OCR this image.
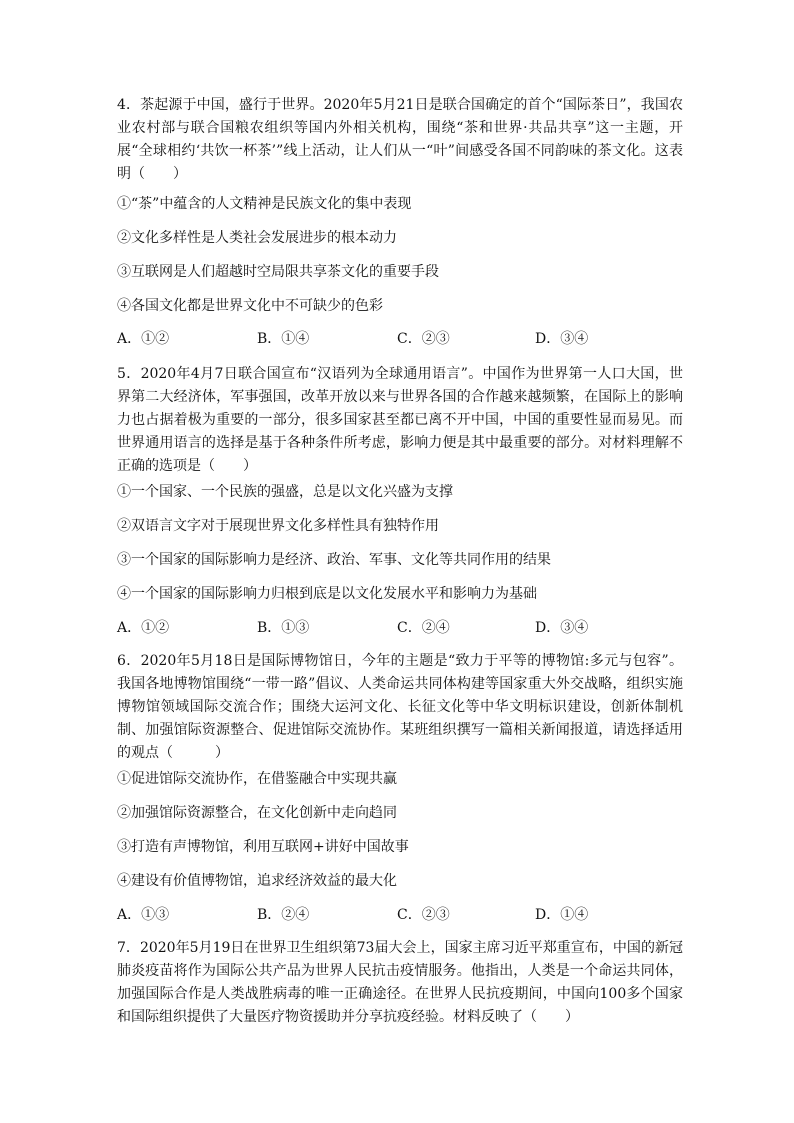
4．茶起源于中国，盛行于世界。2020年5月21日是联合国确定的首个“国际茶日”，我国农业农村部与联合国粮农组织等国内外相关机构，围绕“茶和世界·共品共享”这一主题，开展“全球相约‘共饮一杯茶’”线上活动，让人们从一“叶”间感受各国不同韵味的茶文化。这表明（　　）

①“茶”中蕴含的人文精神是民族文化的集中表现
②文化多样性是人类社会发展进步的根本动力
③互联网是人们超越时空局限共享茶文化的重要手段
④各国文化都是世界文化中不可缺少的色彩
A．①②	B．①④	C．②③	D．③④

5．2020年4月7日联合国宣布“汉语列为全球通用语言”。中国作为世界第一人口大国，世界第二大经济体，军事强国，改革开放以来与世界各国的合作越来越频繁，在国际上的影响力也占据着极为重要的一部分，很多国家甚至都已离不开中国，中国的重要性显而易见。而世界通用语言的选择是基于各种条件所考虑，影响力便是其中最重要的部分。对材料理解不正确的选项是（　　）

①一个国家、一个民族的强盛，总是以文化兴盛为支撑
②双语言文字对于展现世界文化多样性具有独特作用
③一个国家的国际影响力是经济、政治、军事、文化等共同作用的结果
④一个国家的国际影响力归根到底是以文化发展水平和影响力为基础
A．①②	B．①③	C．②④	D．③④

6．2020年5月18日是国际博物馆日，今年的主题是“致力于平等的博物馆:多元与包容”。我国各地博物馆围绕“一带一路”倡议、人类命运共同体构建等国家重大外交战略，组织实施博物馆领域国际交流合作；围绕大运河文化、长征文化等中华文明标识建设，创新体制机制、加强馆际资源整合、促进馆际交流协作。某班组织撰写一篇相关新闻报道，请选择适用的观点（　　　）

①促进馆际交流协作，在借鉴融合中实现共赢
②加强馆际资源整合，在文化创新中走向趋同
③打造有声博物馆，利用互联网+讲好中国故事
④建设有价值博物馆，追求经济效益的最大化
A．①③	B．②④	C．②③	D．①④

7．2020年5月19日在世界卫生组织第73届大会上，国家主席习近平郑重宣布，中国的新冠肺炎疫苗将作为国际公共产品为世界人民抗击疫情服务。他指出，人类是一个命运共同体，加强国际合作是人类战胜病毒的唯一正确途径。在世界人民抗疫期间，中国向100多个国家和国际组织提供了大量医疗物资援助并分享抗疫经验。材料反映了（　　）
